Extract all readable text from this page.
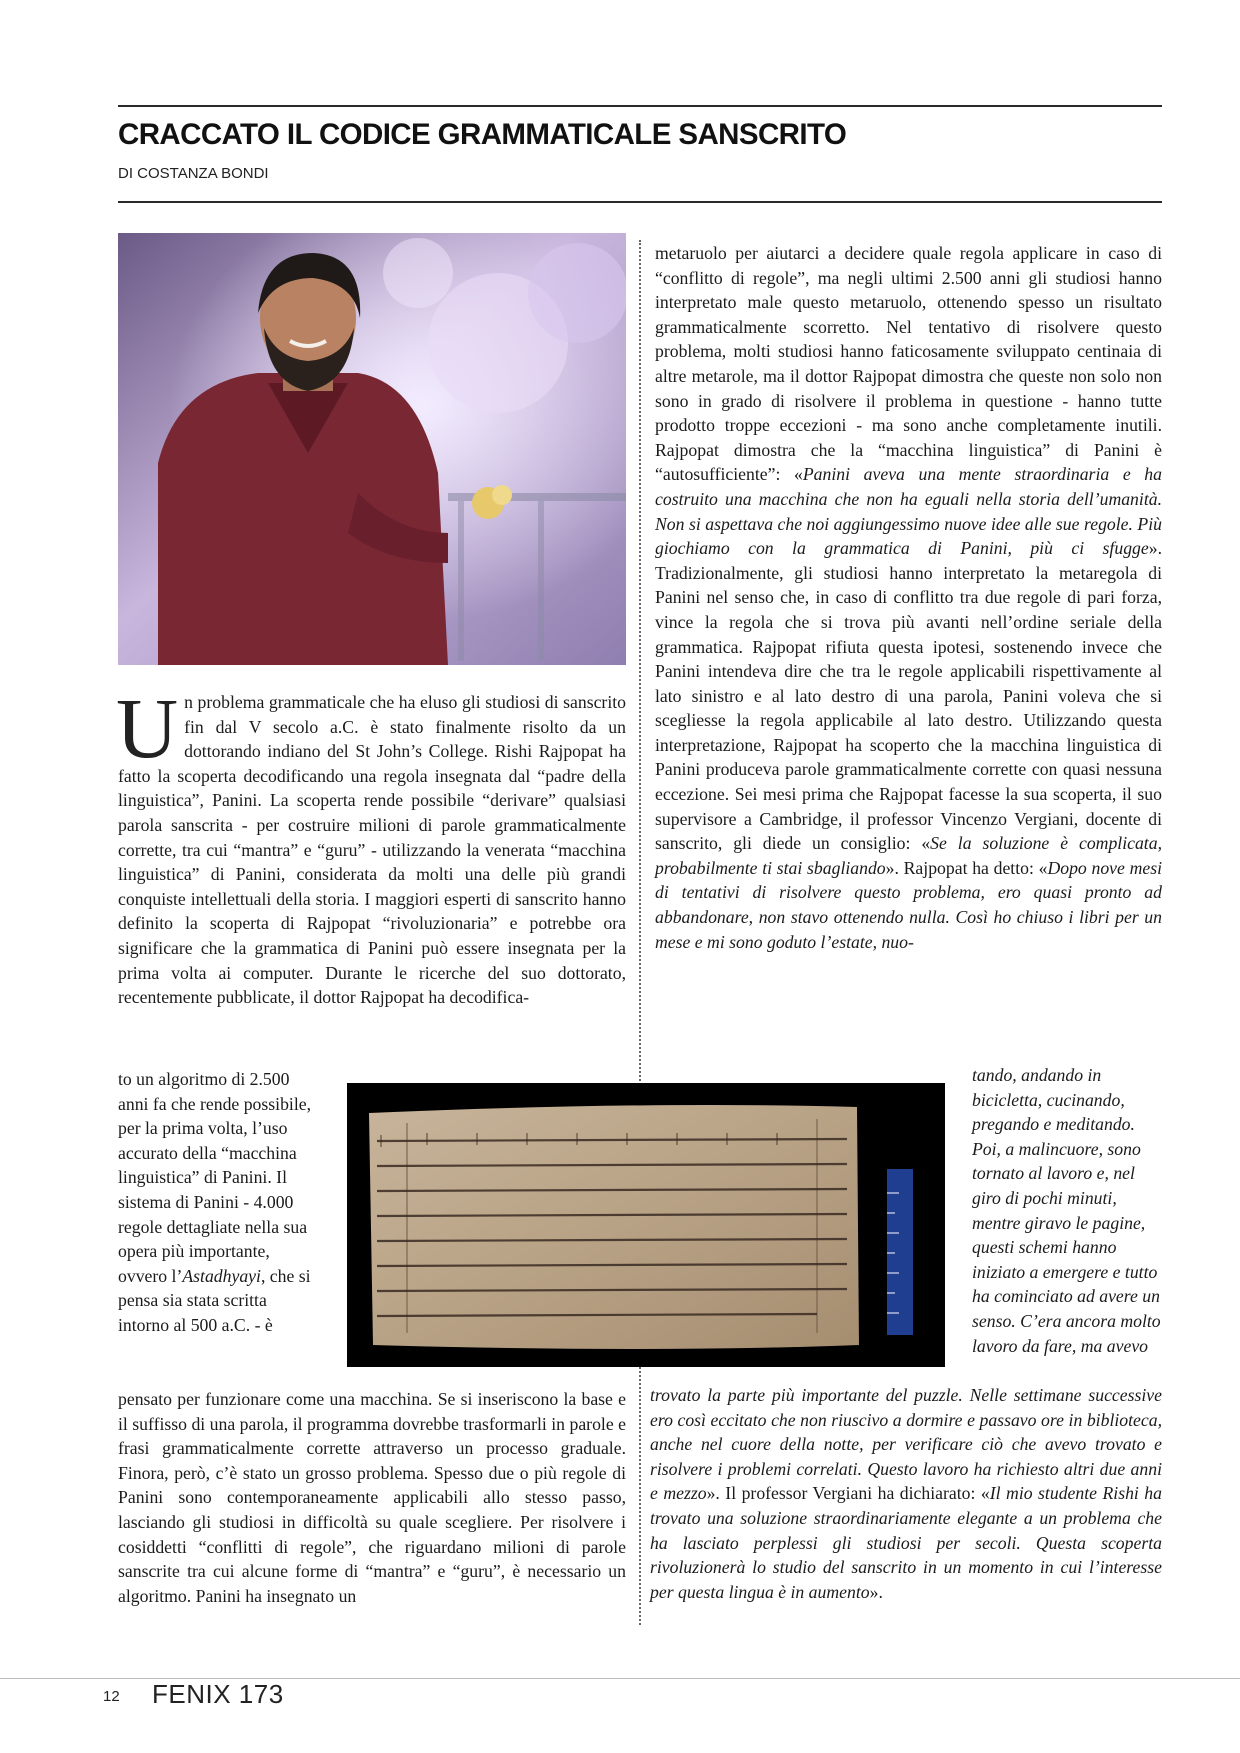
CRACCATO IL CODICE GRAMMATICALE SANSCRITO
DI COSTANZA BONDI
Un problema grammaticale che ha eluso gli studiosi di sanscrito fin dal V secolo a.C. è stato finalmente risolto da un dottorando indiano del St John’s College. Rishi Rajpopat ha fatto la scoperta decodificando una regola insegnata dal “padre della linguistica”, Panini. La scoperta rende possibile “derivare” qualsiasi parola sanscrita - per costruire milioni di parole grammaticalmente corrette, tra cui “mantra” e “guru” - utilizzando la venerata “macchina linguistica” di Panini, considerata da molti una delle più grandi conquiste intellettuali della storia. I maggiori esperti di sanscrito hanno definito la scoperta di Rajpopat “rivoluzionaria” e potrebbe ora significare che la grammatica di Panini può essere insegnata per la prima volta ai computer. Durante le ricerche del suo dottorato, recentemente pubblicate, il dottor Rajpopat ha decodifica-
to un algoritmo di 2.500 anni fa che rende possibile, per la prima volta, l’uso accurato della “macchina linguistica” di Panini. Il sistema di Panini - 4.000 regole dettagliate nella sua opera più importante, ovvero l’Astadhyayi, che si pensa sia stata scritta intorno al 500 a.C. - è
pensato per funzionare come una macchina. Se si inseriscono la base e il suffisso di una parola, il programma dovrebbe trasformarli in parole e frasi grammaticalmente corrette attraverso un processo graduale. Finora, però, c’è stato un grosso problema. Spesso due o più regole di Panini sono contemporaneamente applicabili allo stesso passo, lasciando gli studiosi in difficoltà su quale scegliere. Per risolvere i cosiddetti “conflitti di regole”, che riguardano milioni di parole sanscrite tra cui alcune forme di “mantra” e “guru”, è necessario un algoritmo. Panini ha insegnato un
metaruolo per aiutarci a decidere quale regola applicare in caso di “conflitto di regole”, ma negli ultimi 2.500 anni gli studiosi hanno interpretato male questo metaruolo, ottenendo spesso un risultato grammaticalmente scorretto. Nel tentativo di risolvere questo problema, molti studiosi hanno faticosamente sviluppato centinaia di altre metarole, ma il dottor Rajpopat dimostra che queste non solo non sono in grado di risolvere il problema in questione - hanno tutte prodotto troppe eccezioni - ma sono anche completamente inutili. Rajpopat dimostra che la “macchina linguistica” di Panini è “autosufficiente”: «Panini aveva una mente straordinaria e ha costruito una macchina che non ha eguali nella storia dell’umanità. Non si aspettava che noi aggiungessimo nuove idee alle sue regole. Più giochiamo con la grammatica di Panini, più ci sfugge». Tradizionalmente, gli studiosi hanno interpretato la metaregola di Panini nel senso che, in caso di conflitto tra due regole di pari forza, vince la regola che si trova più avanti nell’ordine seriale della grammatica. Rajpopat rifiuta questa ipotesi, sostenendo invece che Panini intendeva dire che tra le regole applicabili rispettivamente al lato sinistro e al lato destro di una parola, Panini voleva che si scegliesse la regola applicabile al lato destro. Utilizzando questa interpretazione, Rajpopat ha scoperto che la macchina linguistica di Panini produceva parole grammaticalmente corrette con quasi nessuna eccezione. Sei mesi prima che Rajpopat facesse la sua scoperta, il suo supervisore a Cambridge, il professor Vincenzo Vergiani, docente di sanscrito, gli diede un consiglio: «Se la soluzione è complicata, probabilmente ti stai sbagliando». Rajpopat ha detto: «Dopo nove mesi di tentativi di risolvere questo problema, ero quasi pronto ad abbandonare, non stavo ottenendo nulla. Così ho chiuso i libri per un mese e mi sono goduto l’estate, nuo-
tando, andando in bicicletta, cucinando, pregando e meditando. Poi, a malincuore, sono tornato al lavoro e, nel giro di pochi minuti, mentre giravo le pagine, questi schemi hanno iniziato a emergere e tutto ha cominciato ad avere un senso. C’era ancora molto lavoro da fare, ma avevo
trovato la parte più importante del puzzle. Nelle settimane successive ero così eccitato che non riuscivo a dormire e passavo ore in biblioteca, anche nel cuore della notte, per verificare ciò che avevo trovato e risolvere i problemi correlati. Questo lavoro ha richiesto altri due anni e mezzo». Il professor Vergiani ha dichiarato: «Il mio studente Rishi ha trovato una soluzione straordinariamente elegante a un problema che ha lasciato perplessi gli studiosi per secoli. Questa scoperta rivoluzionerà lo studio del sanscrito in un momento in cui l’interesse per questa lingua è in aumento».
12 FENIX 173
